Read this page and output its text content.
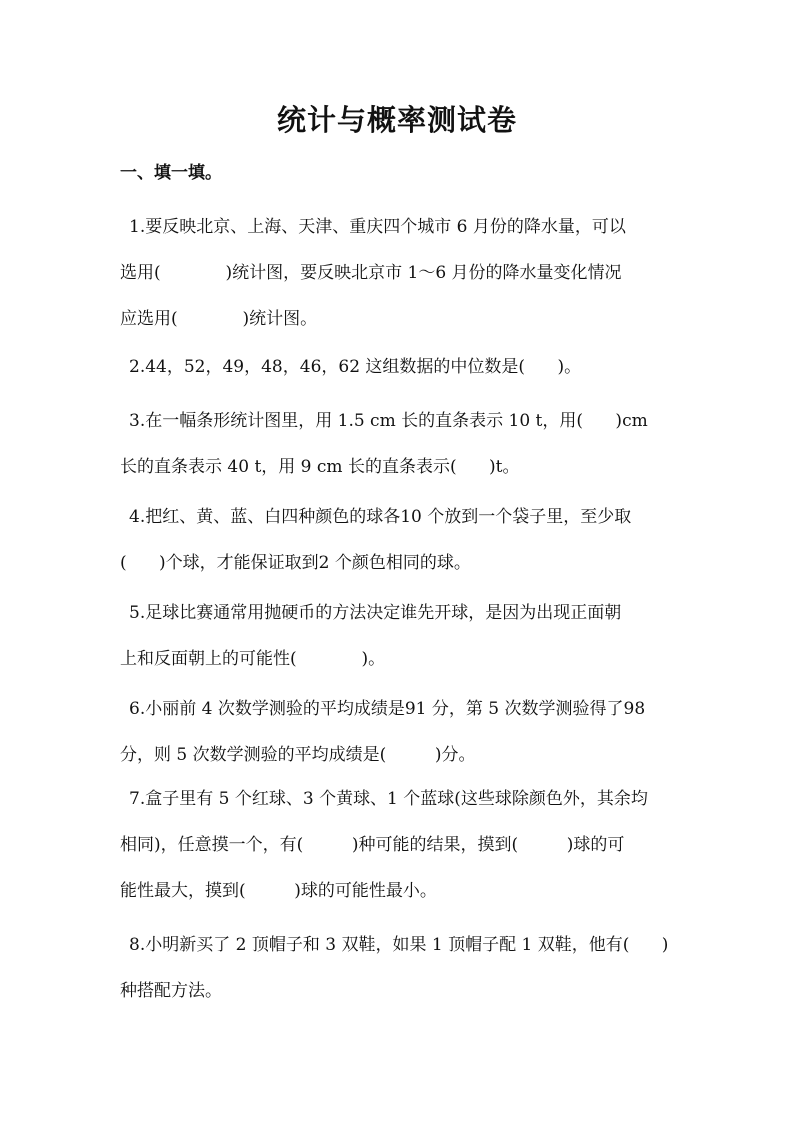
统计与概率测试卷
一、填一填。
1.要反映北京、上海、天津、重庆四个城市 6 月份的降水量，可以
选用(            )统计图，要反映北京市 1～6 月份的降水量变化情况
应选用(            )统计图。
2.44，52，49，48，46，62 这组数据的中位数是(      )。
3.在一幅条形统计图里，用 1.5 cm 长的直条表示 10 t，用(      )cm
长的直条表示 40 t，用 9 cm 长的直条表示(      )t。
4.把红、黄、蓝、白四种颜色的球各10 个放到一个袋子里，至少取
(      )个球，才能保证取到2 个颜色相同的球。
5.足球比赛通常用抛硬币的方法决定谁先开球，是因为出现正面朝
上和反面朝上的可能性(            )。
6.小丽前 4 次数学测验的平均成绩是91 分，第 5 次数学测验得了98
分，则 5 次数学测验的平均成绩是(         )分。
7.盒子里有 5 个红球、3 个黄球、1 个蓝球(这些球除颜色外，其余均
相同)，任意摸一个，有(         )种可能的结果，摸到(         )球的可
能性最大，摸到(         )球的可能性最小。
8.小明新买了 2 顶帽子和 3 双鞋，如果 1 顶帽子配 1 双鞋，他有(      )
种搭配方法。
